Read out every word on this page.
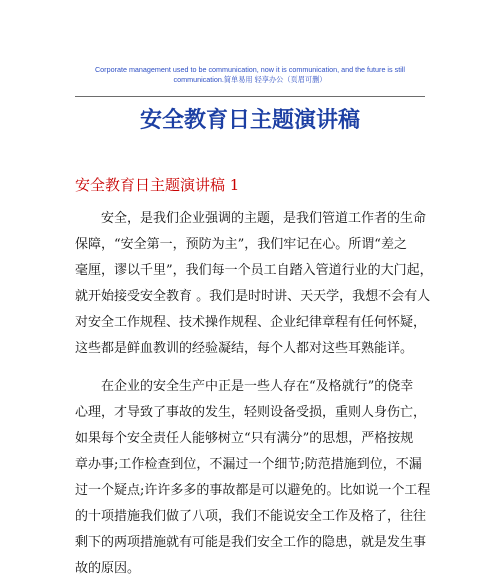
Corporate management used to be communication, now it is communication, and the future is still
communication.简单易用 轻享办公（页眉可删）
安全教育日主题演讲稿
安全教育日主题演讲稿 1
安全，是我们企业强调的主题，是我们管道工作者的生命
保障，“安全第一，预防为主”，我们牢记在心。所谓“差之
毫厘，谬以千里”，我们每一个员工自踏入管道行业的大门起，
就开始接受安全教育 。我们是时时讲、天天学，我想不会有人
对安全工作规程、技术操作规程、企业纪律章程有任何怀疑，
这些都是鲜血教训的经验凝结，每个人都对这些耳熟能详。
在企业的安全生产中正是一些人存在“及格就行”的侥幸
心理，才导致了事故的发生，轻则设备受损，重则人身伤亡，
如果每个安全责任人能够树立“只有满分”的思想，严格按规
章办事;工作检查到位，不漏过一个细节;防范措施到位，不漏
过一个疑点;许许多多的事故都是可以避免的。比如说一个工程
的十项措施我们做了八项，我们不能说安全工作及格了，往往
剩下的两项措施就有可能是我们安全工作的隐患，就是发生事
故的原因。
